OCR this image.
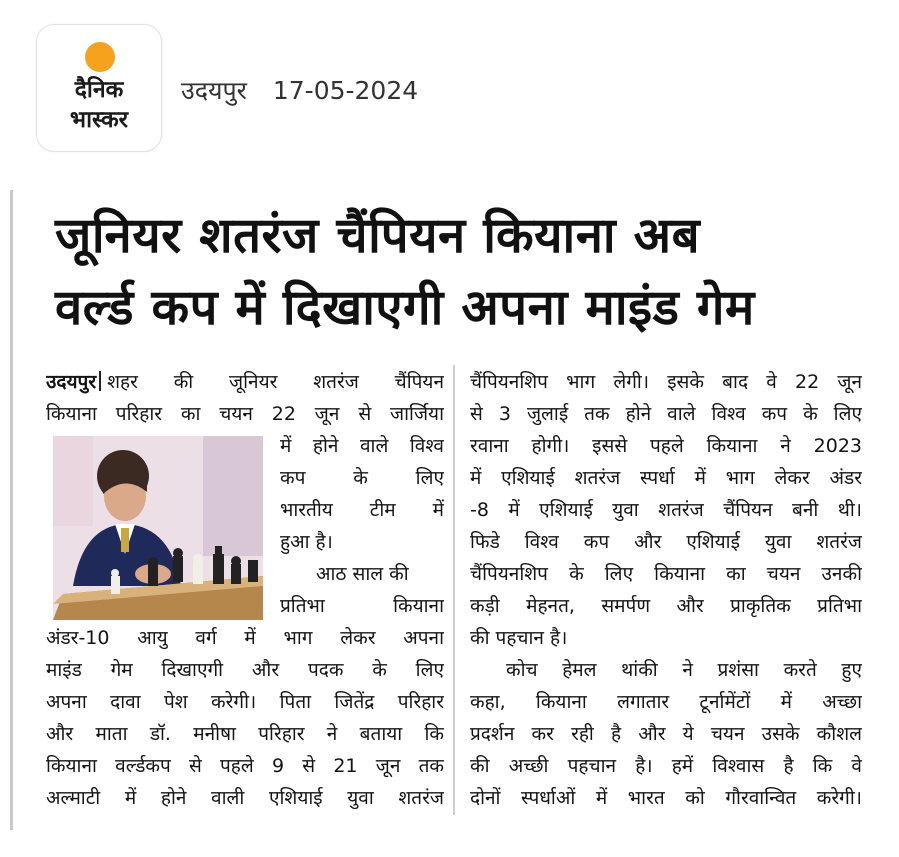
दैनिक
भास्कर
उदयपुर 17-05-2024
जूनियर शतरंज चैंपियन कियाना अब
वर्ल्ड कप में दिखाएगी अपना माइंड गेम
उदयपुर शहर की जूनियर शतरंज चैंपियन
कियाना परिहार का चयन 22 जून से जार्जिया
में होने वाले विश्व
कप के लिए
भारतीय टीम में
हुआ है।
आठ साल की
प्रतिभा कियाना
अंडर-10 आयु वर्ग में भाग लेकर अपना
माइंड गेम दिखाएगी और पदक के लिए
अपना दावा पेश करेगी। पिता जितेंद्र परिहार
और माता डॉ. मनीषा परिहार ने बताया कि
कियाना वर्ल्डकप से पहले 9 से 21 जून तक
अल्माटी में होने वाली एशियाई युवा शतरंज
चैंपियनशिप भाग लेगी। इसके बाद वे 22 जून
से 3 जुलाई तक होने वाले विश्व कप के लिए
रवाना होगी। इससे पहले कियाना ने 2023
में एशियाई शतरंज स्पर्धा में भाग लेकर अंडर
-8 में एशियाई युवा शतरंज चैंपियन बनी थी।
फिडे विश्व कप और एशियाई युवा शतरंज
चैंपियनशिप के लिए कियाना का चयन उनकी
कड़ी मेहनत, समर्पण और प्राकृतिक प्रतिभा
की पहचान है।
कोच हेमल थांकी ने प्रशंसा करते हुए
कहा, कियाना लगातार टूर्नामेंटों में अच्छा
प्रदर्शन कर रही है और ये चयन उसके कौशल
की अच्छी पहचान है। हमें विश्वास है कि वे
दोनों स्पर्धाओं में भारत को गौरवान्वित करेगी।
